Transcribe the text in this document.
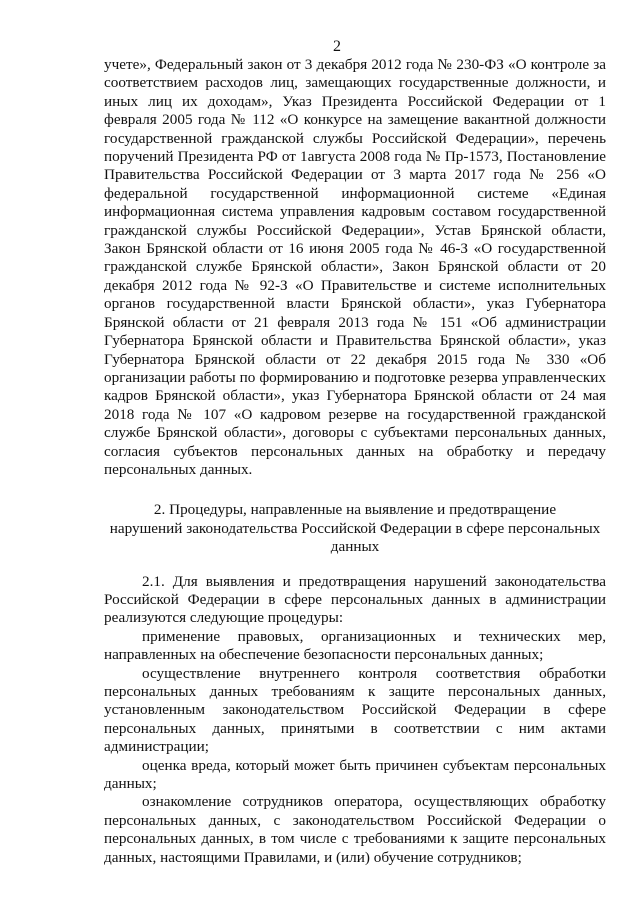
2

учете», Федеральный закон от 3 декабря 2012 года № 230-ФЗ «О контроле за соответствием расходов лиц, замещающих государственные должности, и иных лиц их доходам», Указ Президента Российской Федерации от 1 февраля 2005 года № 112 «О конкурсе на замещение вакантной должности государственной гражданской службы Российской Федерации», перечень поручений Президента РФ от 1августа 2008 года № Пр-1573, Постановление Правительства Российской Федерации от 3 марта 2017 года № 256 «О федеральной государственной информационной системе «Единая информационная система управления кадровым составом государственной гражданской службы Российской Федерации», Устав Брянской области, Закон Брянской области от 16 июня 2005 года № 46-З «О государственной гражданской службе Брянской области», Закон Брянской области от 20 декабря 2012 года № 92-З «О Правительстве и системе исполнительных органов государственной власти Брянской области», указ Губернатора Брянской области от 21 февраля 2013 года № 151 «Об администрации Губернатора Брянской области и Правительства Брянской области», указ Губернатора Брянской области от 22 декабря 2015 года № 330 «Об организации работы по формированию и подготовке резерва управленческих кадров Брянской области», указ Губернатора Брянской области от 24 мая 2018 года № 107 «О кадровом резерве на государственной гражданской службе Брянской области», договоры с субъектами персональных данных, согласия субъектов персональных данных на обработку и передачу персональных данных.

2. Процедуры, направленные на выявление и предотвращение
нарушений законодательства Российской Федерации в сфере персональных
данных

2.1. Для выявления и предотвращения нарушений законодательства Российской Федерации в сфере персональных данных в администрации реализуются следующие процедуры:

применение правовых, организационных и технических мер, направленных на обеспечение безопасности персональных данных;

осуществление внутреннего контроля соответствия обработки персональных данных требованиям к защите персональных данных, установленным законодательством Российской Федерации в сфере персональных данных, принятыми в соответствии с ним актами администрации;

оценка вреда, который может быть причинен субъектам персональных данных;

ознакомление сотрудников оператора, осуществляющих обработку персональных данных, с законодательством Российской Федерации о персональных данных, в том числе с требованиями к защите персональных данных, настоящими Правилами, и (или) обучение сотрудников;
